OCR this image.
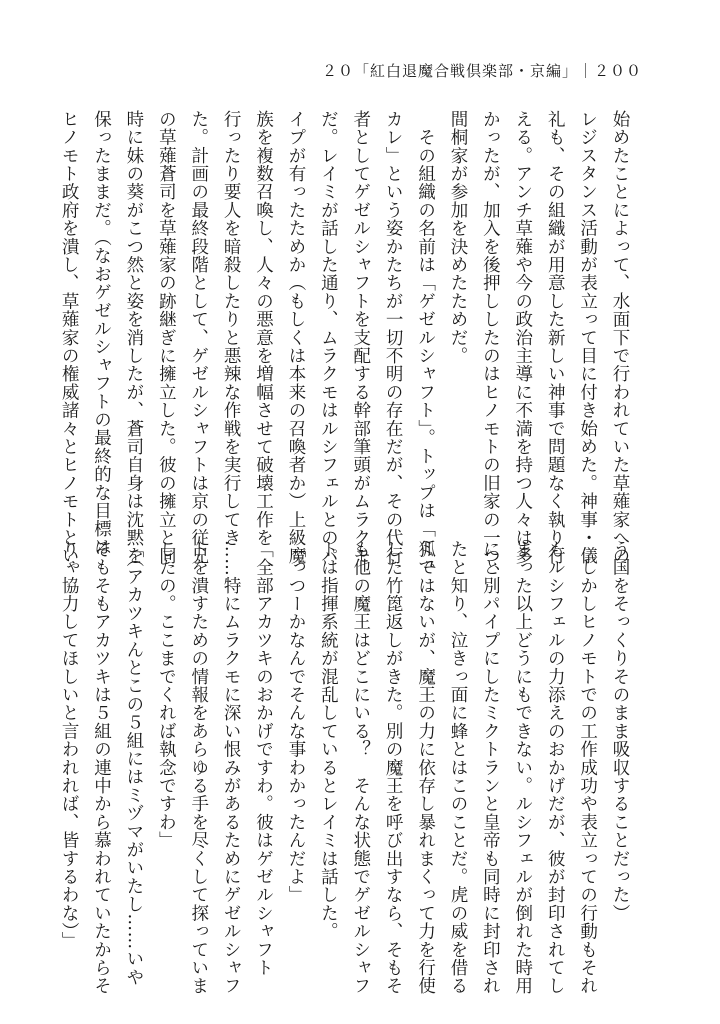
２０「紅白退魔合戦倶楽部・京編」｜２００
始めたことによって、水面下で行われていた草薙家への
レジスタンス活動が表立って目に付き始めた。神事・儀
礼も、その組織が用意した新しい神事で問題なく執り行
える。アンチ草薙や今の政治主導に不満を持つ人々は多
かったが、加入を後押ししたのはヒノモトの旧家の一つ、
間桐家が参加を決めたためだ。
　その組織の名前は「ゲゼルシャフト」。トップは「ミュ
カレ」という姿かたちが一切不明の存在だが、その代行
者としてゲゼルシャフトを支配する幹部筆頭がムラクモ
だ。レイミが話した通り、ムラクモはルシフェルとのパ
イプが有ったためか（もしくは本来の召喚者か）上級魔
族を複数召喚し、人々の悪意を増幅させて破壊工作を
行ったり要人を暗殺したりと悪辣な作戦を実行してき
た。計画の最終段階として、ゲゼルシャフトは京の従兄
の草薙蒼司を草薙家の跡継ぎに擁立した。彼の擁立と同
時に妹の葵がこつ然と姿を消したが、蒼司自身は沈黙を
保ったままだ。（なおゲゼルシャフトの最終的な目標は
ヒノモト政府を潰し、草薙家の権威諸々とヒノモトとい
う国をそっくりそのまま吸収することだった）
　しかしヒノモトでの工作成功や表立っての行動もそれ
もルシフェルの力添えのおかげだが、彼が封印されてし
まった以上どうにもできない。ルシフェルが倒れた時用
にと別パイプにしたミクトランと皇帝も同時に封印され
たと知り、泣きっ面に蜂とはこのことだ。虎の威を借る
狐ではないが、魔王の力に依存し暴れまくって力を行使
した竹箆返しがきた。別の魔王を呼び出すなら、そもそ
も他の魔王はどこにいる？　そんな状態でゲゼルシャフ
トは指揮系統が混乱しているとレイミは話した。
「っつーかなんでそんな事わかったんだよ」
「全部アカツキのおかげですわ。彼はゲゼルシャフト
……特にムラクモに深い恨みがあるためにゲゼルシャフ
トを潰すための情報をあらゆる手を尽くして探っていま
したの。ここまでくれば執念ですわ」
「（アカツキんとこの５組にはミヅマがいたし……いや
そもそもアカツキは５組の連中から慕われていたからそ
りゃ協力してほしいと言われれば、皆するわな）」
